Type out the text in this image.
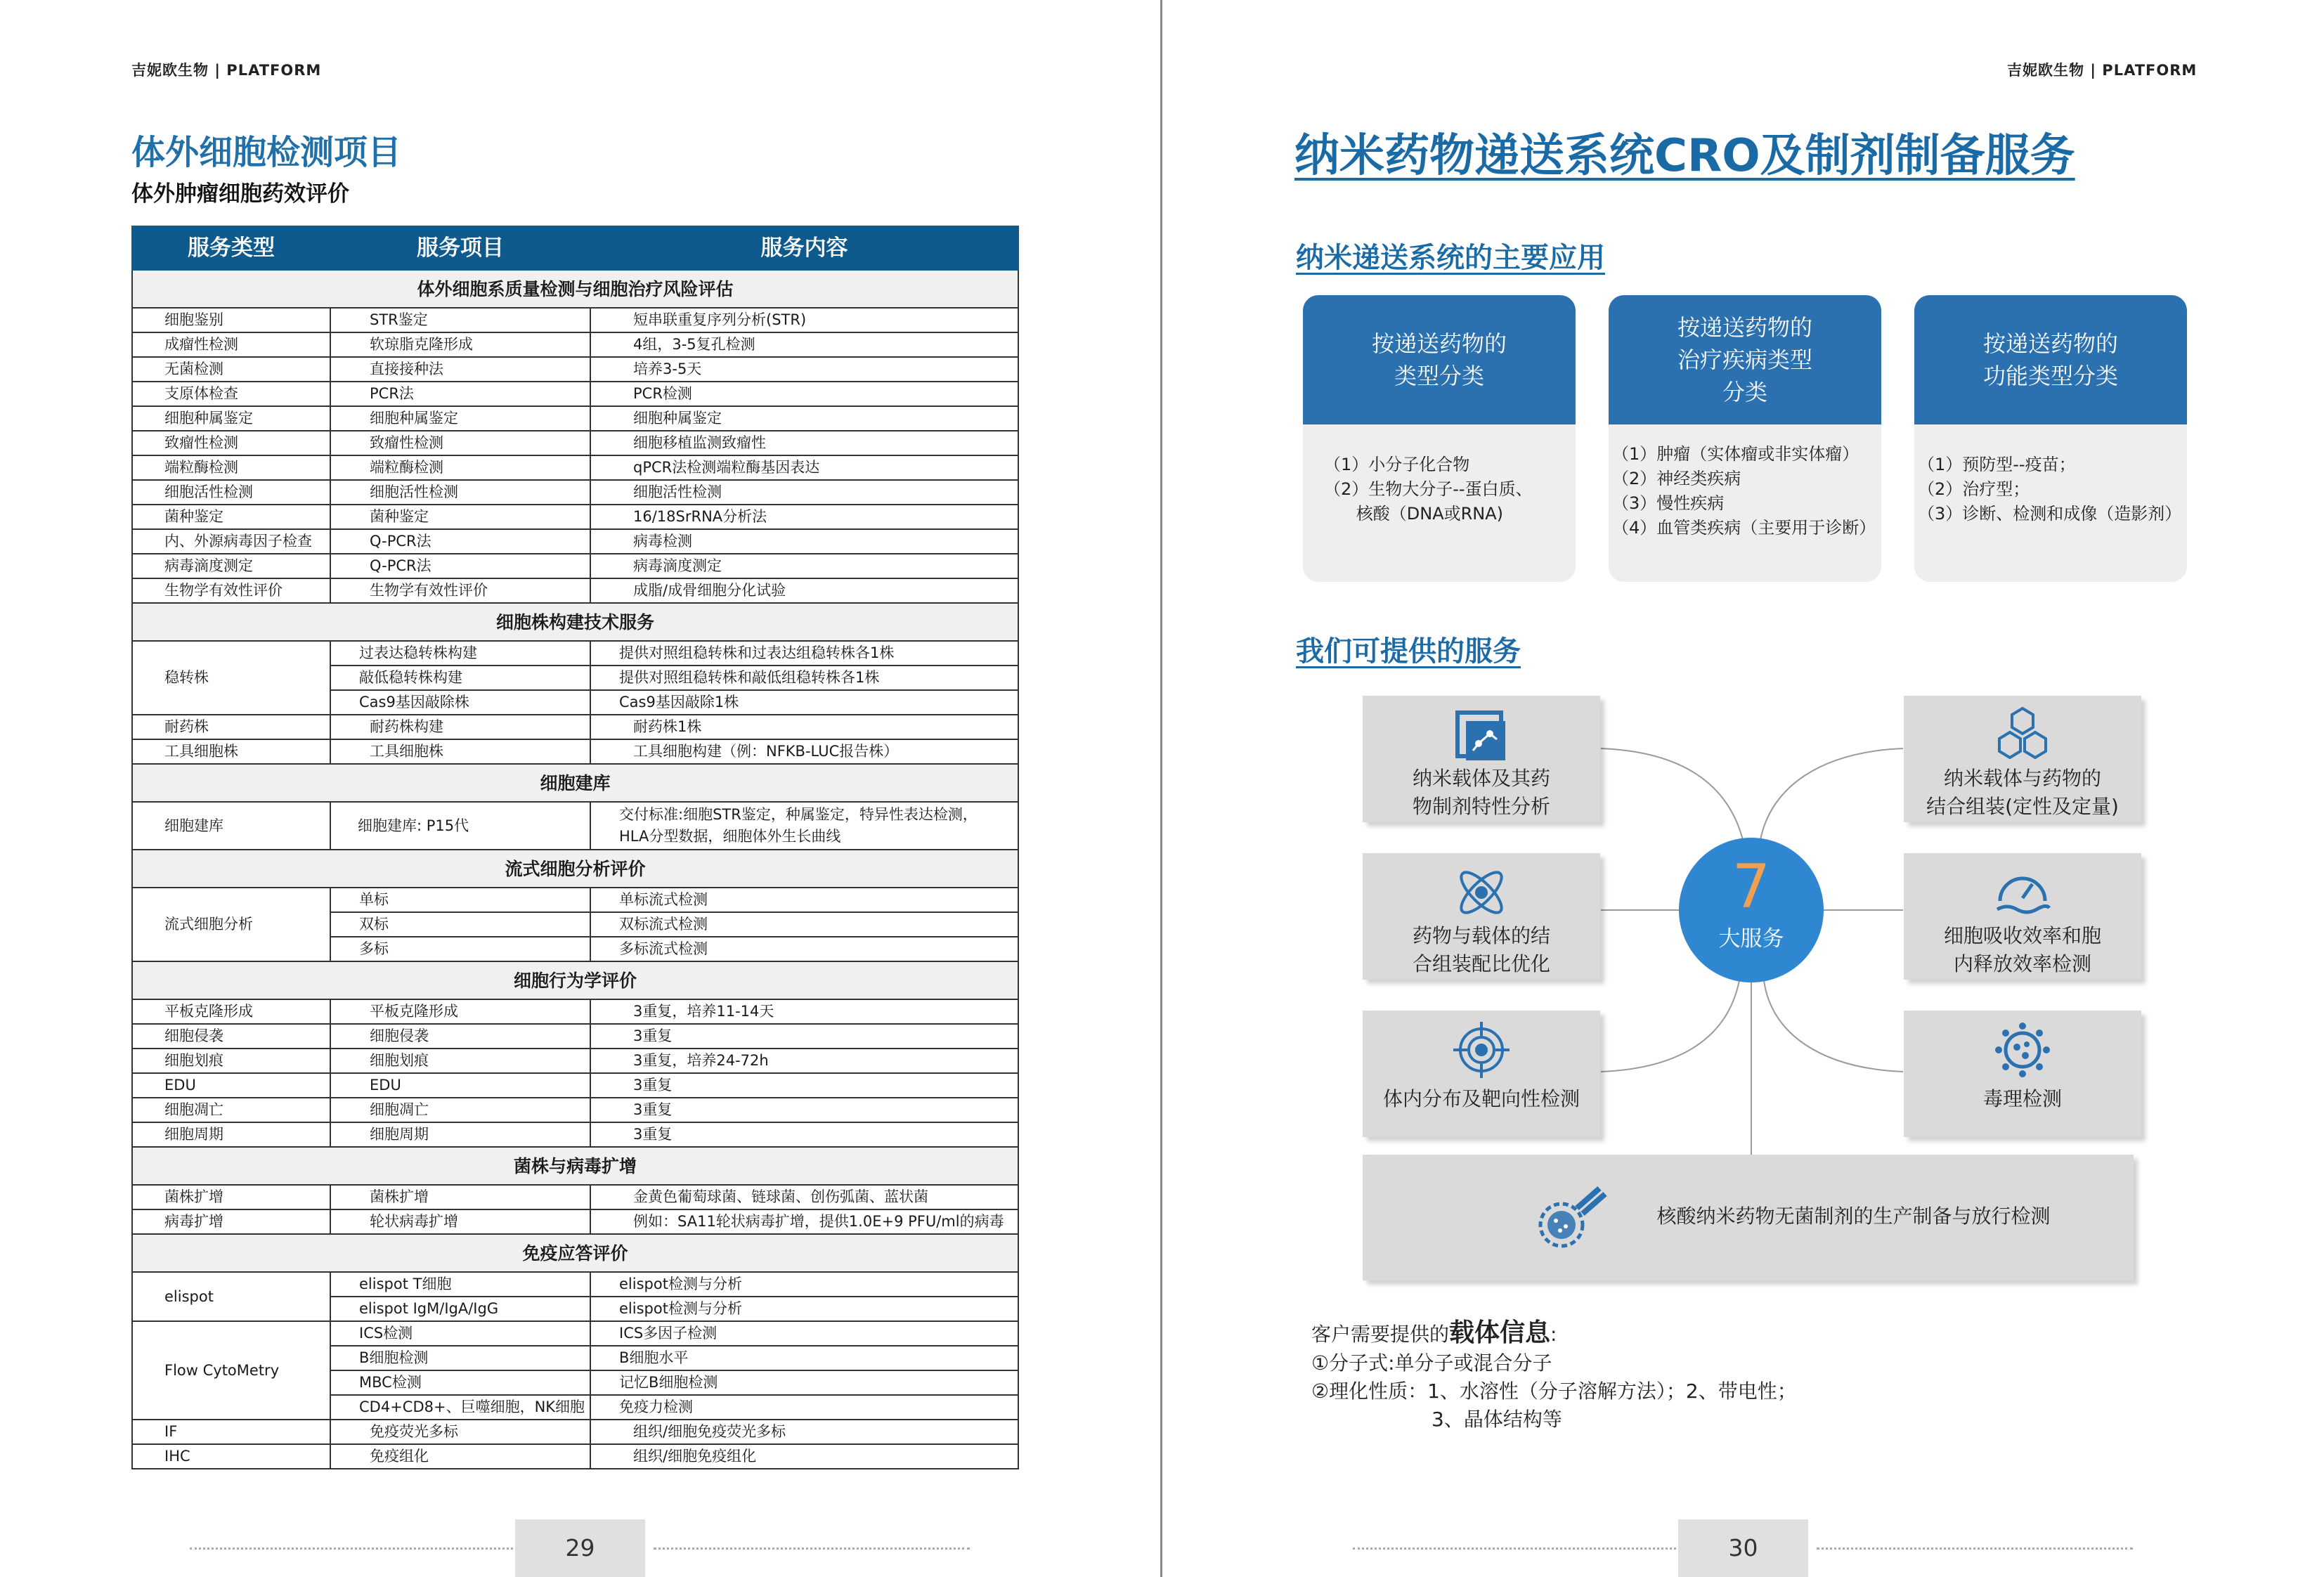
吉妮欧生物 | PLATFORM
体外细胞检测项目
体外肿瘤细胞药效评价
服务类型	服务项目	服务内容
体外细胞系质量检测与细胞治疗风险评估		
细胞鉴别	STR鉴定	短串联重复序列分析(STR)
成瘤性检测	软琼脂克隆形成	4组，3-5复孔检测
无菌检测	直接接种法	培养3-5天
支原体检查	PCR法	PCR检测
细胞种属鉴定	细胞种属鉴定	细胞种属鉴定
致瘤性检测	致瘤性检测	细胞移植监测致瘤性
端粒酶检测	端粒酶检测	qPCR法检测端粒酶基因表达
细胞活性检测	细胞活性检测	细胞活性检测
菌种鉴定	菌种鉴定	16/18SrRNA分析法
内、外源病毒因子检查	Q-PCR法	病毒检测
病毒滴度测定	Q-PCR法	病毒滴度测定
生物学有效性评价	生物学有效性评价	成脂/成骨细胞分化试验
细胞株构建技术服务		
稳转株	过表达稳转株构建	提供对照组稳转株和过表达组稳转株各1株
	敲低稳转株构建	提供对照组稳转株和敲低组稳转株各1株
	Cas9基因敲除株	Cas9基因敲除1株
耐药株	耐药株构建	耐药株1株
工具细胞株	工具细胞株	工具细胞构建（例：NFKB-LUC报告株）
细胞建库		
细胞建库	细胞建库: P15代	交付标准:细胞STR鉴定，种属鉴定，特异性表达检测，HLA分型数据，细胞体外生长曲线
流式细胞分析评价		
流式细胞分析	单标	单标流式检测
	双标	双标流式检测
	多标	多标流式检测
细胞行为学评价		
平板克隆形成	平板克隆形成	3重复，培养11-14天
细胞侵袭	细胞侵袭	3重复
细胞划痕	细胞划痕	3重复，培养24-72h
EDU	EDU	3重复
细胞凋亡	细胞凋亡	3重复
细胞周期	细胞周期	3重复
菌株与病毒扩增		
菌株扩增	菌株扩增	金黄色葡萄球菌、链球菌、创伤弧菌、蓝状菌
病毒扩增	轮状病毒扩增	例如：SA11轮状病毒扩增，提供1.0E+9 PFU/ml的病毒
免疫应答评价		
elispot	elispot T细胞	elispot检测与分析
	elispot IgM/IgA/IgG	elispot检测与分析
Flow CytoMetry	ICS检测	ICS多因子检测
	B细胞检测	B细胞水平
	MBC检测	记忆B细胞检测
	CD4+CD8+、巨噬细胞，NK细胞	免疫力检测
IF	免疫荧光多标	组织/细胞免疫荧光多标
IHC	免疫组化	组织/细胞免疫组化
29
吉妮欧生物 | PLATFORM
纳米药物递送系统CRO及制剂制备服务
纳米递送系统的主要应用
按递送药物的
类型分类
（1）小分子化合物
（2）生物大分子--蛋白质、
核酸（DNA或RNA)
按递送药物的
治疗疾病类型
分类
（1）肿瘤（实体瘤或非实体瘤）
（2）神经类疾病
（3）慢性疾病
（4）血管类疾病（主要用于诊断）
按递送药物的
功能类型分类
（1）预防型--疫苗；
（2）治疗型；
（3）诊断、检测和成像（造影剂）
我们可提供的服务
纳米载体及其药
物制剂特性分析
纳米载体与药物的
结合组装(定性及定量)
药物与载体的结
合组装配比优化
细胞吸收效率和胞
内释放效率检测
体内分布及靶向性检测	毒理检测
核酸纳米药物无菌制剂的生产制备与放行检测
7
大服务
客户需要提供的载体信息:
①分子式:单分子或混合分子
②理化性质：1、水溶性（分子溶解方法）；2、带电性；
3、晶体结构等
30
